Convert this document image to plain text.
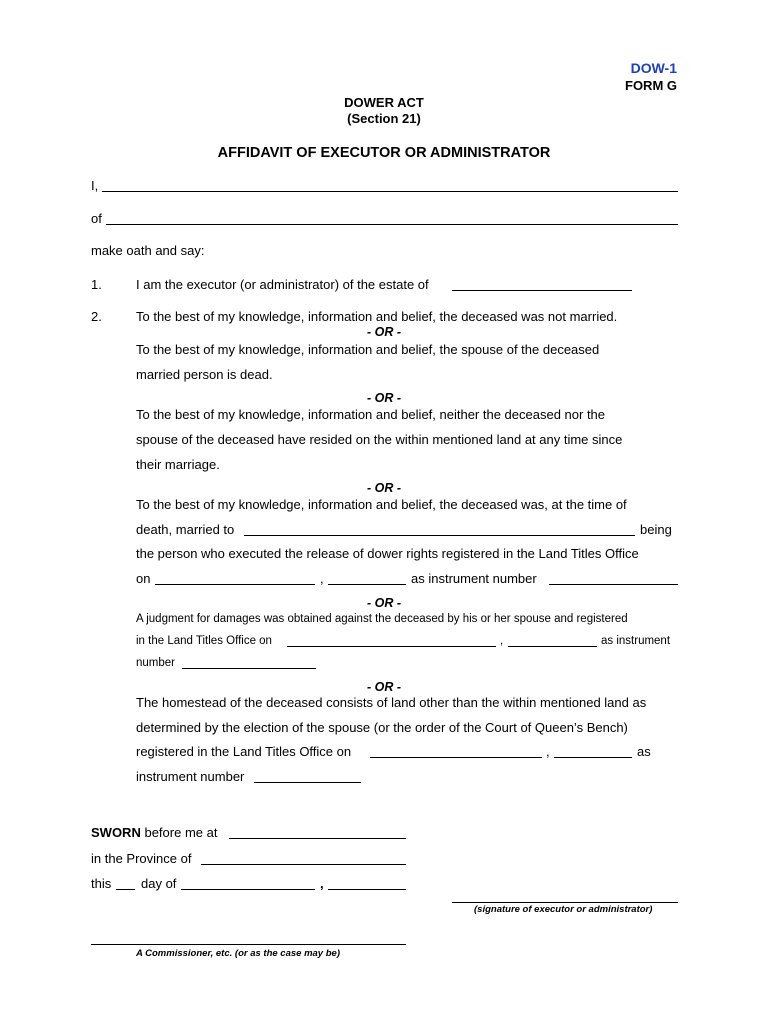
DOW-1
FORM G
DOWER ACT
(Section 21)
AFFIDAVIT OF EXECUTOR OR ADMINISTRATOR
I,
of
make oath and say:
1.	I am the executor (or administrator) of the estate of
2.	To the best of my knowledge, information and belief, the deceased was not married.
- OR -
To the best of my knowledge, information and belief, the spouse of the deceased
married person is dead.
- OR -
To the best of my knowledge, information and belief, neither the deceased nor the
spouse of the deceased have resided on the within mentioned land at any time since
their marriage.
- OR -
To the best of my knowledge, information and belief, the deceased was, at the time of
death, married to	being
the person who executed the release of dower rights registered in the Land Titles Office
on	,	as instrument number
- OR -
A judgment for damages was obtained against the deceased by his or her spouse and registered
in the Land Titles Office on	,	as instrument
number
- OR -
The homestead of the deceased consists of land other than the within mentioned land as
determined by the election of the spouse (or the order of the Court of Queen’s Bench)
registered in the Land Titles Office on	,	as
instrument number
SWORN before me at
in the Province of
this day of	,
(signature of executor or administrator)
A Commissioner, etc. (or as the case may be)
